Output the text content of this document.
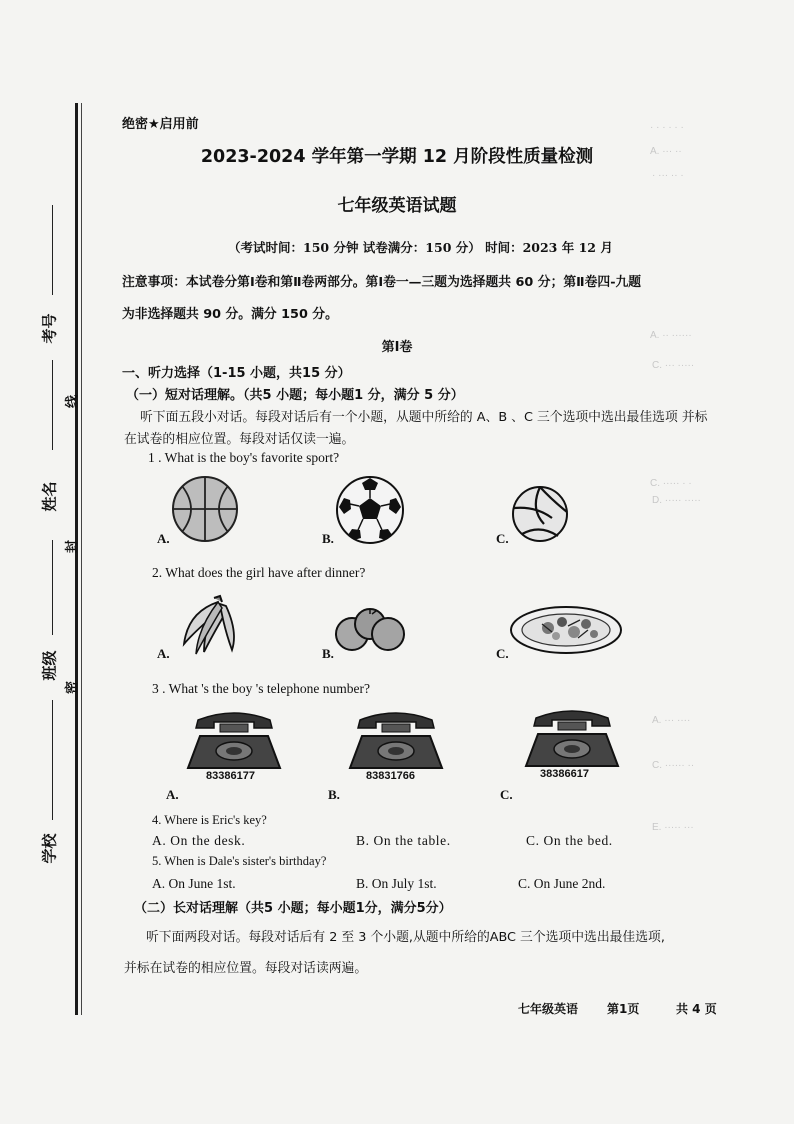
考号
线
姓名
封
班级
密
学校
· · · · · ·
A. ··· ··
· ··· ·· ·
A. ·· ······
C. ··· ·····
C. ····· · ·
D. ····· ·····
A. ··· ····
C. ······ ··
E. ····· ···
绝密★启用前
2023-2024 学年第一学期 12 月阶段性质量检测
七年级英语试题
（考试时间：150 分钟 试卷满分：150 分） 时间：2023 年 12 月
注意事项：本试卷分第Ⅰ卷和第Ⅱ卷两部分。第Ⅰ卷一—三题为选择题共 60 分；第Ⅱ卷四-九题
为非选择题共 90 分。满分 150 分。
第Ⅰ卷
一、听力选择（1-15 小题，共15 分）
（一）短对话理解。（共5 小题；每小题1 分，满分 5 分）
听下面五段小对话。每段对话后有一个小题，从题中所给的 A、B 、C 三个选项中选出最佳选项 并标
在试卷的相应位置。每段对话仅读一遍。
1 . What is the boy's favorite sport?
A.	B.	C.
2. What does the girl have after dinner?
A.	B.	C.
3 . What 's the boy 's telephone number?
83386177	83831766	38386617
A.	B.	C.
4. Where is Eric's key?
A. On the desk.	B. On the table.	C. On the bed.
5. When is Dale's sister's birthday?
A. On June 1st.	B. On July 1st.	C. On June 2nd.
（二）长对话理解（共5 小题；每小题1分，满分5分）
听下面两段对话。每段对话后有 2 至 3 个小题,从题中所给的ABC 三个选项中选出最佳选项,
并标在试卷的相应位置。每段对话读两遍。
七年级英语 第1页	共 4 页
